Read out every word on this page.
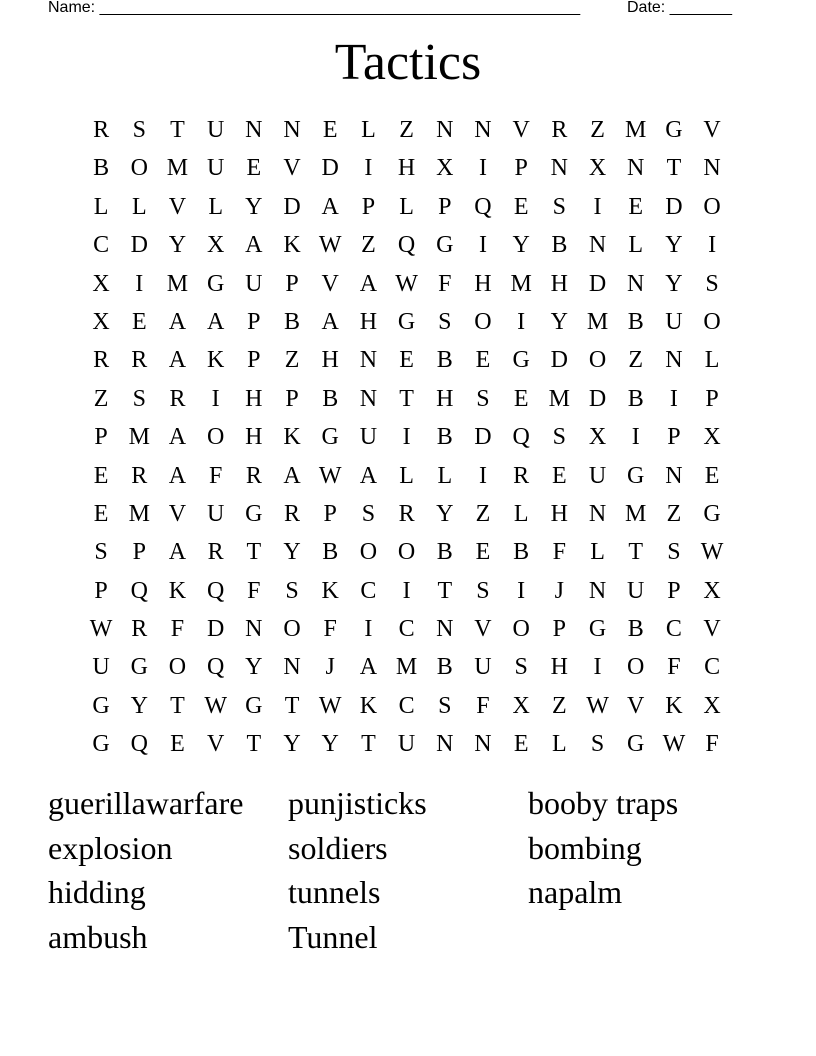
Name: ______________________________________________________	Date: _______
Tactics
R S	T U N N E L Z N N V R Z M G V
B O M U E V D	I	H X	I	P N X N T N
L L V L Y D A P	L	P Q E	S	I	E D O
C D Y X A K W Z Q G	I	Y B N L Y	I
X	I M G U P V A W F H M H D N Y S
X E A A P B A H G S O	I	Y M B U O
R R A K P	Z H N E B E G D O Z N L
Z	S R	I	H P B N T H S	E M D B	I	P
P M A O H K G U	I	B D Q S X	I	P X
E R A F R A W A L L	I	R E U G N E
E M V U G R P	S R Y Z L H N M Z G
S	P A R T Y B O O B E B F	L T	S W
P Q K Q F	S K C	I	T	S	I	J	N U P X
W R F D N O F	I	C N V O P G B C V
U G O Q Y N	J	A M B U S H	I	O F C
G Y T W G T W K C S	F X Z W V K X
G Q E V T Y Y T U N N E L	S G W F
guerillawarfare	punjisticks	booby traps
explosion	soldiers	bombing
hidding	tunnels	napalm
ambush	Tunnel
